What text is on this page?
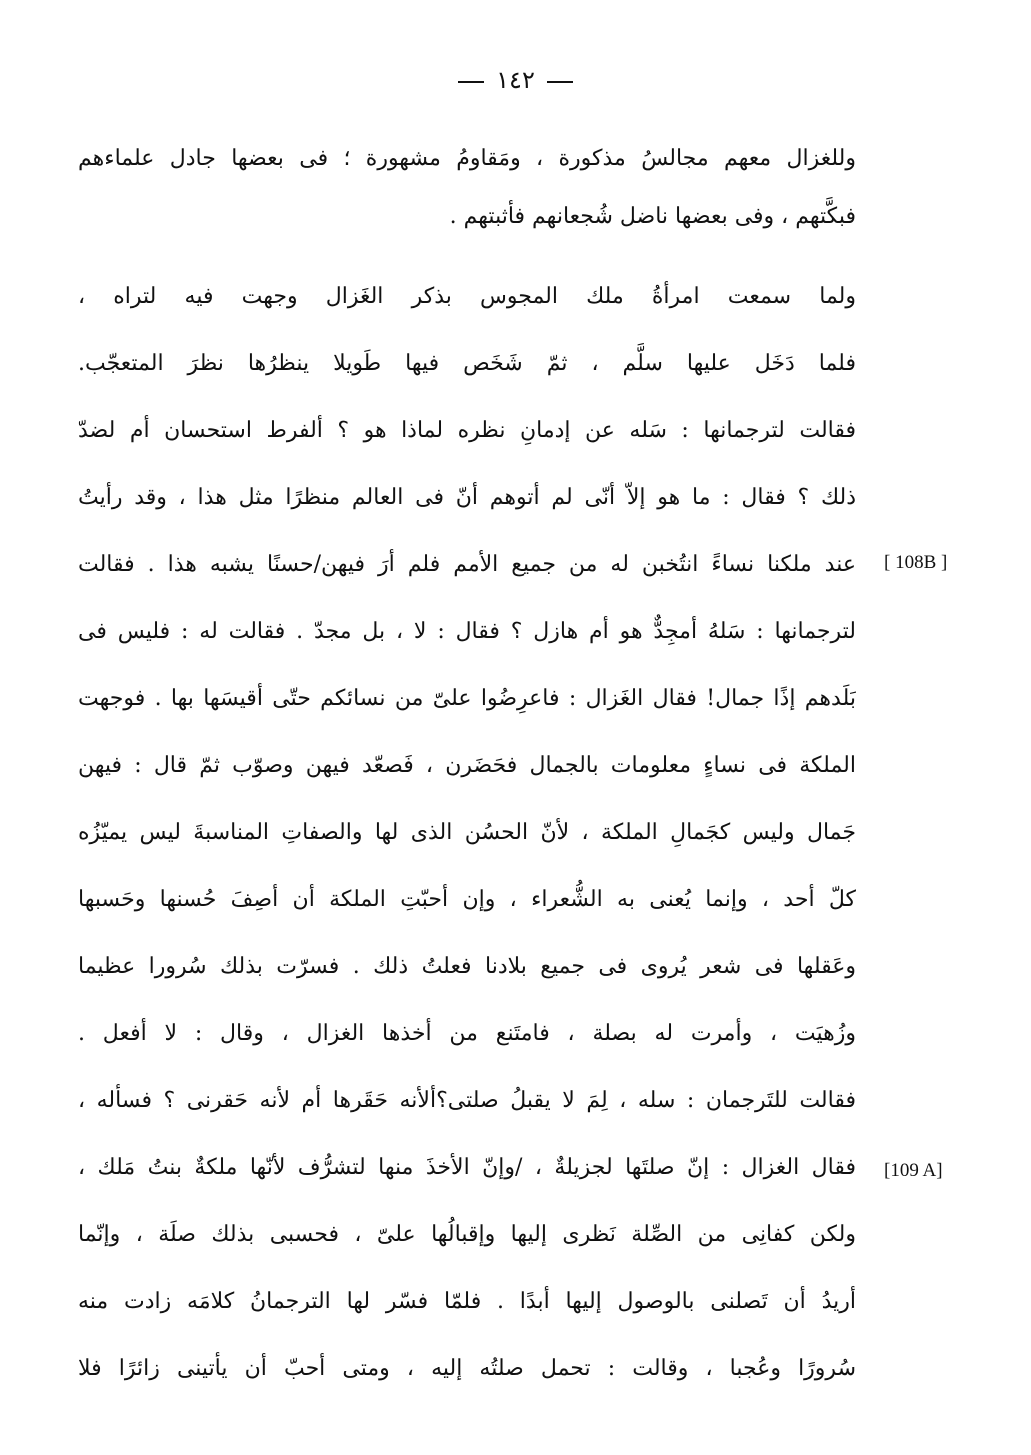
١٤٢
وللغزال معهم مجالسُ مذكورة ، ومَقاومُ مشهورة ؛ فى بعضها جادل علماءهم
فبكَّتهم ، وفى بعضها ناضل شُجعانهم فأثبتهم .
ولما سمعت امرأةُ ملك المجوس بذكر الغَزال وجهت فيه لتراه ،
فلما دَخَل عليها سلَّم ، ثمّ شَخَص فيها طَويلا ينظرُها نظرَ المتعجّب.
فقالت لترجمانها : سَله عن إدمانِ نظره لماذا هو ؟ ألفرط استحسان أم لضدّ
ذلك ؟ فقال : ما هو إلاّ أنّى لم أتوهم أنّ فى العالم منظرًا مثل هذا ، وقد رأيتُ
عند ملكنا نساءً انتُخبن له من جميع الأمم فلم أرَ فيهن/حسنًا يشبه هذا . فقالت
لترجمانها : سَلهُ أمجِدٌّ هو أم هازل ؟ فقال : لا ، بل مجدّ . فقالت له : فليس فى
بَلَدهم إذًا جمال! فقال الغَزال : فاعرِضُوا علىّ من نسائكم حتّى أقيسَها بها . فوجهت
الملكة فى نساءٍ معلومات بالجمال فحَضَرن ، فَصعّد فيهن وصوّب ثمّ قال : فيهن
جَمال وليس كجَمالِ الملكة ، لأنّ الحسُن الذى لها والصفاتِ المناسبةَ ليس يميّزُه
كلّ أحد ، وإنما يُعنى به الشُّعراء ، وإن أحبّتِ الملكة أن أصِفَ حُسنها وحَسبها
وعَقلها فى شعر يُروى فى جميع بلادنا فعلتُ ذلك . فسرّت بذلك سُرورا عظيما
وزُهيَت ، وأمرت له بصلة ، فامتَنع من أخذها الغزال ، وقال : لا أفعل .
فقالت للتَرجمان : سله ، لِمَ لا يقبلُ صلتى؟ألأنه حَقَرها أم لأنه حَقرنى ؟ فسأله ،
فقال الغزال : إنّ صلتَها لجزيلةٌ ، /وإنّ الأخذَ منها لتشرُّف لأنّها ملكةٌ بنتُ مَلك ،
ولكن كفانِى من الصِّلة نَظرى إليها وإقبالُها علىّ ، فحسبى بذلك صلَة ، وإنّما
أريدُ أن تَصلنى بالوصول إليها أبدًا . فلمّا فسّر لها الترجمانُ كلامَه زادت منه
سُرورًا وعُجبا ، وقالت : تحمل صلتُه إليه ، ومتى أحبّ أن يأتينى زائرًا فلا
[ 108B ]
[109 A]
